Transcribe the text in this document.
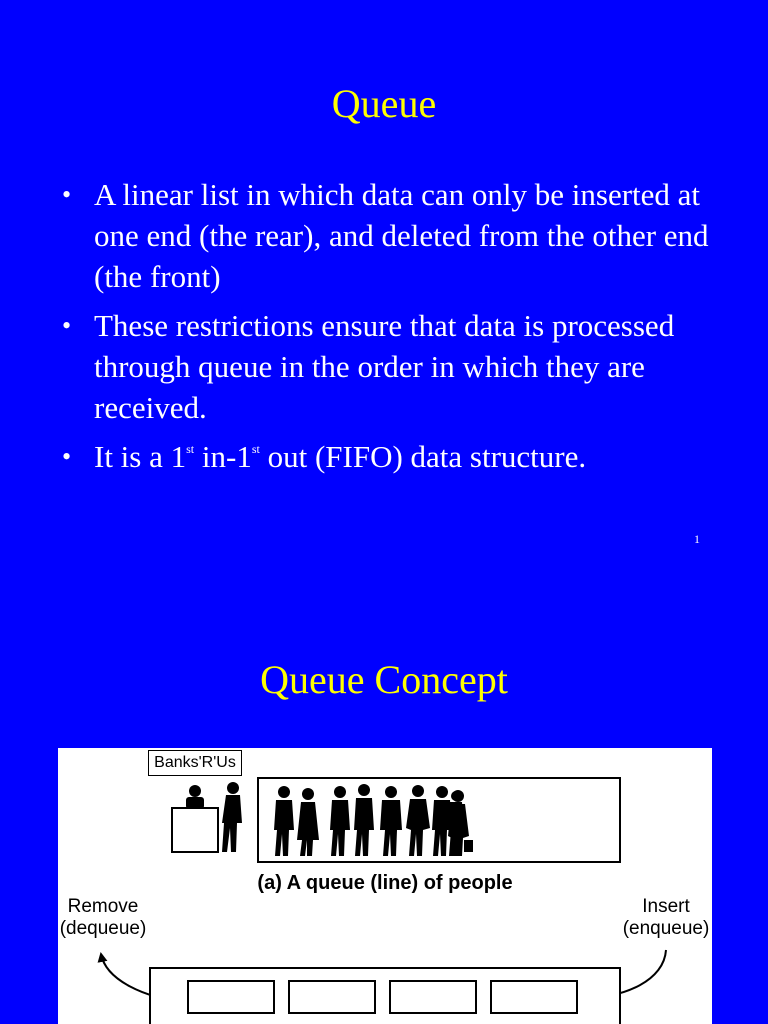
Queue
• A linear list in which data can only be inserted at one end (the rear), and deleted from the other end (the front)
• These restrictions ensure that data is processed through queue in the order in which they are received.
• It is a 1st in-1st out (FIFO) data structure.
1
Queue Concept
Banks'R'Us
(a) A queue (line) of people
Remove
(dequeue)
Insert
(enqueue)
